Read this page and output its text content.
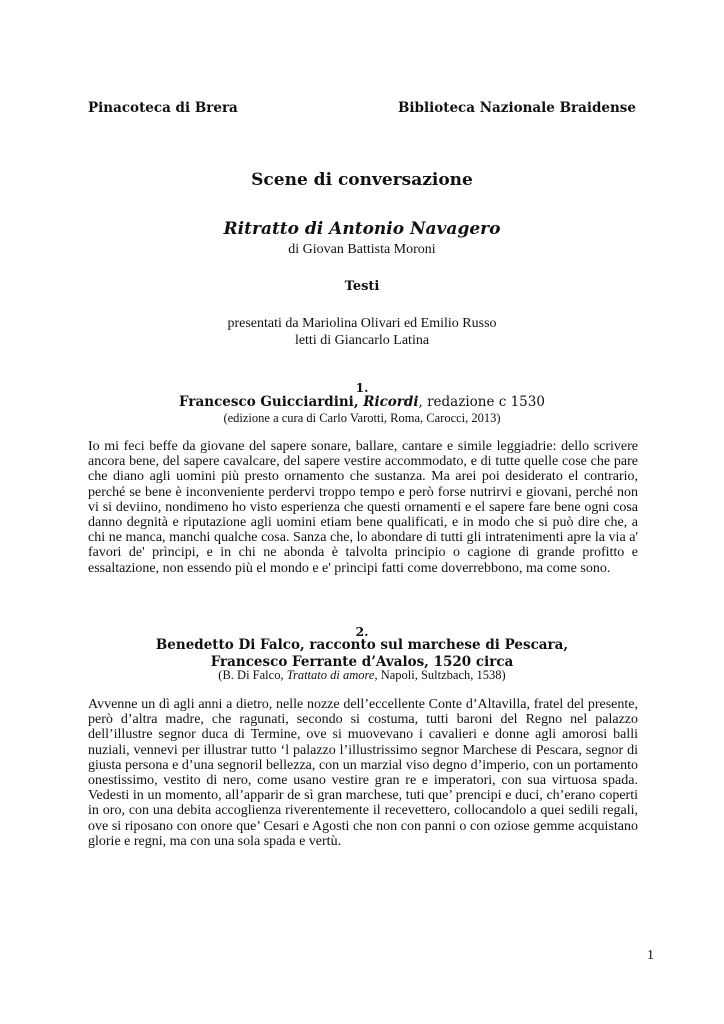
Pinacoteca di Brera	Biblioteca Nazionale Braidense
Scene di conversazione
Ritratto di Antonio Navagero
di Giovan Battista Moroni
Testi
presentati da Mariolina Olivari ed Emilio Russo
letti di Giancarlo Latina
1.
Francesco Guicciardini, Ricordi, redazione c 1530
(edizione a cura di Carlo Varotti, Roma, Carocci, 2013)

Io mi feci beffe da giovane del sapere sonare, ballare, cantare e simile leggiadrie: dello scrivere ancora bene, del sapere cavalcare, del sapere vestire accommodato, e di tutte quelle cose che pare che diano agli uomini più presto ornamento che sustanza. Ma arei poi desiderato el contrario, perché se bene è inconveniente perdervi troppo tempo e però forse nutrirvi e giovani, perché non vi si deviino, nondimeno ho visto esperienza che questi ornamenti e el sapere fare bene ogni cosa danno degnità e riputazione agli uomini etiam bene qualificati, e in modo che si può dire che, a chi ne manca, manchi qualche cosa. Sanza che, lo abondare di tutti gli intratenimenti apre la via a' favori de' prìncipi, e in chi ne abonda è talvolta principio o cagione di grande profitto e essaltazione, non essendo più el mondo e e' prìncipi fatti come doverrebbono, ma come sono.

2.
Benedetto Di Falco, racconto sul marchese di Pescara,
Francesco Ferrante d’Avalos, 1520 circa
(B. Di Falco, Trattato di amore, Napoli, Sultzbach, 1538)

Avvenne un dì agli anni a dietro, nelle nozze dell’eccellente Conte d’Altavilla, fratel del presente, però d’altra madre, che ragunati, secondo si costuma, tutti baroni del Regno nel palazzo dell’illustre segnor duca di Termine, ove si muovevano i cavalieri e donne agli amorosi balli nuziali, vennevi per illustrar tutto ‘l palazzo l’illustrissimo segnor Marchese di Pescara, segnor di giusta persona e d’una segnoril bellezza, con un marzial viso degno d’imperio, con un portamento onestissimo, vestito di nero, come usano vestire gran re e imperatori, con sua virtuosa spada. Vedesti in un momento, all’apparir de sì gran marchese, tuti que’ prencipi e duci, ch’erano coperti in oro, con una debita accoglienza riverentemente il recevettero, collocandolo a quei sedili regali, ove si riposano con onore que’ Cesari e Agosti che non con panni o con oziose gemme acquistano glorie e regni, ma con una sola spada e vertù.

1
